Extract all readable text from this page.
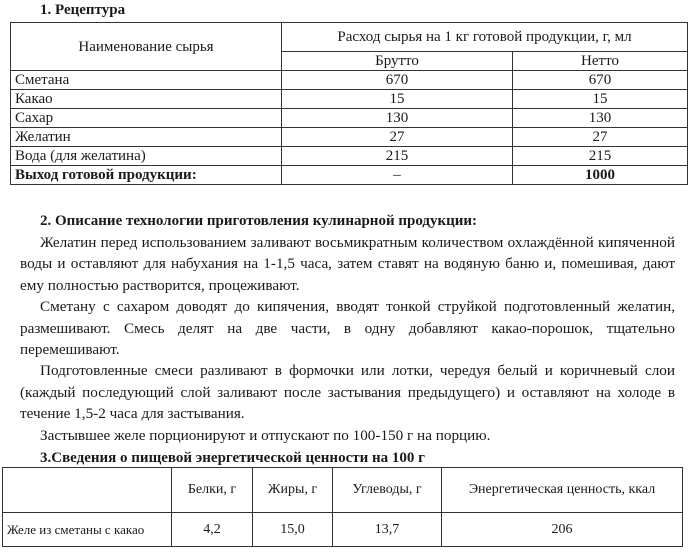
1. Рецептура
Наименование сырья	Расход сырья на 1 кг готовой продукции, г, мл	
	Брутто	Нетто
Сметана	670	670
Какао	15	15
Сахар	130	130
Желатин	27	27
Вода (для желатина)	215	215
Выход готовой продукции:	–	1000
2. Описание технологии приготовления кулинарной продукции:

Желатин перед использованием заливают восьмикратным количеством охлаждённой кипяченной воды и оставляют для набухания на 1-1,5 часа, затем ставят на водяную баню и, помешивая, дают ему полностью растворится, процеживают.

Сметану с сахаром доводят до кипячения, вводят тонкой струйкой подготовленный желатин, размешивают. Смесь делят на две части, в одну добавляют какао-порошок, тщательно перемешивают.

Подготовленные смеси разливают в формочки или лотки, чередуя белый и коричневый слои (каждый последующий слой заливают после застывания предыдущего) и оставляют на холоде в течение 1,5-2 часа для застывания.

Застывшее желе порционируют и отпускают по 100-150 г на порцию.

3.Сведения о пищевой энергетической ценности на 100 г
	Белки, г	Жиры, г	Углеводы, г	Энергетическая ценность, ккал
Желе из сметаны с какао	4,2	15,0	13,7	206
